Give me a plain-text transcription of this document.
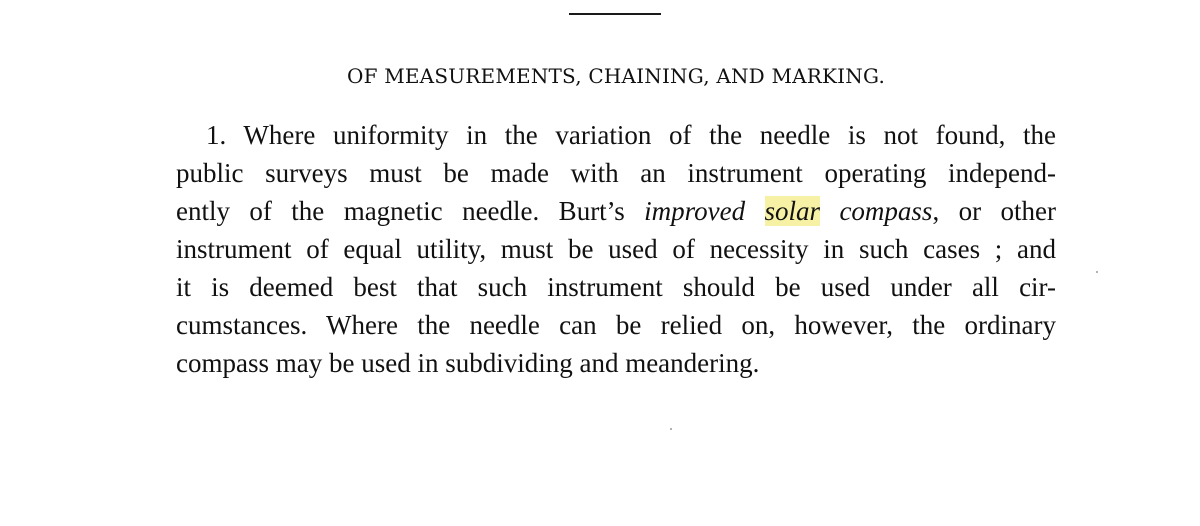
OF MEASUREMENTS, CHAINING, AND MARKING.
1. Where uniformity in the variation of the needle is not found, the
public surveys must be made with an instrument operating independ-
ently of the magnetic needle. Burt’s improved solar compass, or other
instrument of equal utility, must be used of necessity in such cases ; and
it is deemed best that such instrument should be used under all cir-
cumstances. Where the needle can be relied on, however, the ordinary
compass may be used in subdividing and meandering.
